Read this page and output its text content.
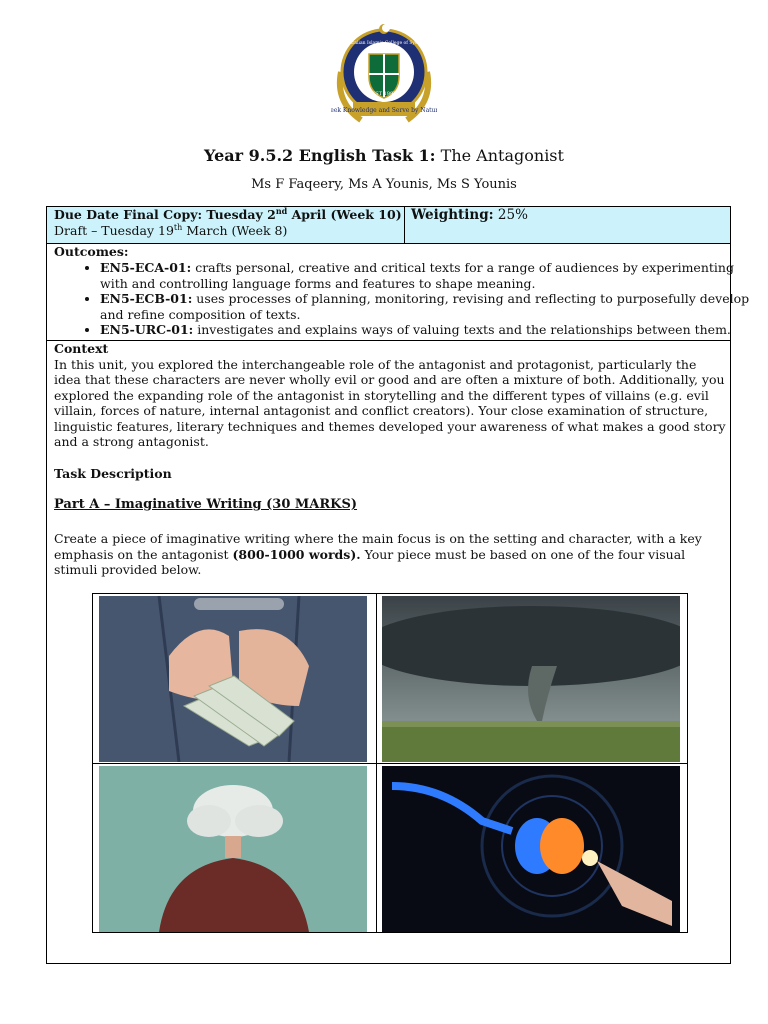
Seek Knowledge and Serve by Nature
EST 1997
Australian Islamic College of Sydney
Year 9.5.2 English Task 1: The Antagonist
Ms F Faqeery, Ms A Younis, Ms S Younis
Due Date Final Copy: Tuesday 2nd April (Week 10)
Draft – Tuesday 19th March (Week 8)
Weighting: 25%
Outcomes:
• EN5-ECA-01: crafts personal, creative and critical texts for a range of audiences by experimenting with and controlling language forms and features to shape meaning.
• EN5-ECB-01: uses processes of planning, monitoring, revising and reflecting to purposefully develop and refine composition of texts.
• EN5-URC-01: investigates and explains ways of valuing texts and the relationships between them.
Context

In this unit, you explored the interchangeable role of the antagonist and protagonist, particularly the idea that these characters are never wholly evil or good and are often a mixture of both. Additionally, you explored the expanding role of the antagonist in storytelling and the different types of villains (e.g. evil villain, forces of nature, internal antagonist and conflict creators). Your close examination of structure, linguistic features, literary techniques and themes developed your awareness of what makes a good story and a strong antagonist.

Task Description
Part A – Imaginative Writing (30 MARKS)
Create a piece of imaginative writing where the main focus is on the setting and character, with a key emphasis on the antagonist (800-1000 words). Your piece must be based on one of the four visual stimuli provided below.
